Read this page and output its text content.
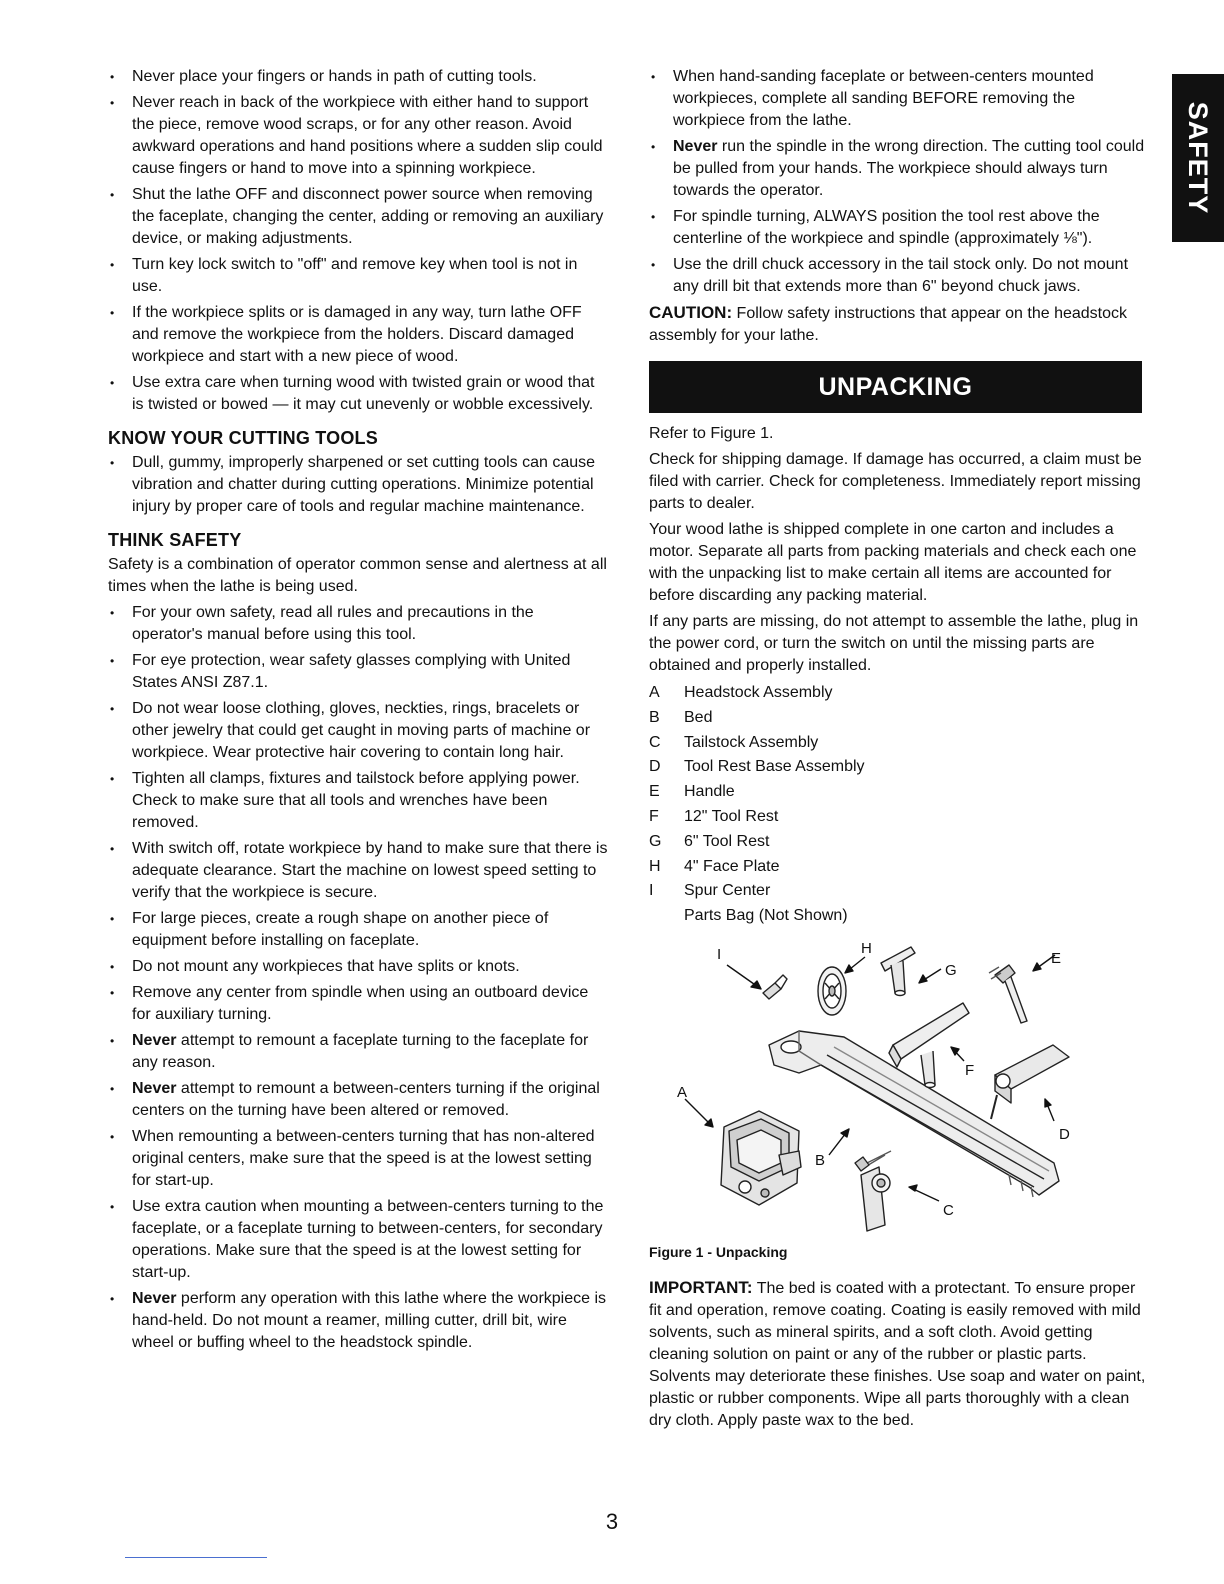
SAFETY
• Never place your fingers or hands in path of cutting tools.
• Never reach in back of the workpiece with either hand to support the piece, remove wood scraps, or for any other reason. Avoid awkward operations and hand positions where a sudden slip could cause fingers or hand to move into a spinning workpiece.
• Shut the lathe OFF and disconnect power source when removing the faceplate, changing the center, adding or removing an auxiliary device, or making adjustments.
• Turn key lock switch to "off" and remove key when tool is not in use.
• If the workpiece splits or is damaged in any way, turn lathe OFF and remove the workpiece from the holders. Discard damaged workpiece and start with a new piece of wood.
• Use extra care when turning wood with twisted grain or wood that is twisted or bowed — it may cut unevenly or wobble excessively.
KNOW YOUR CUTTING TOOLS
• Dull, gummy, improperly sharpened or set cutting tools can cause vibration and chatter during cutting operations. Minimize potential injury by proper care of tools and regular machine maintenance.
THINK SAFETY

Safety is a combination of operator common sense and alertness at all times when the lathe is being used.

• For your own safety, read all rules and precautions in the operator's manual before using this tool.
• For eye protection, wear safety glasses complying with United States ANSI Z87.1.
• Do not wear loose clothing, gloves, neckties, rings, bracelets or other jewelry that could get caught in moving parts of machine or workpiece. Wear protective hair covering to contain long hair.
• Tighten all clamps, fixtures and tailstock before applying power. Check to make sure that all tools and wrenches have been removed.
• With switch off, rotate workpiece by hand to make sure that there is adequate clearance. Start the machine on lowest speed setting to verify that the workpiece is secure.
• For large pieces, create a rough shape on another piece of equipment before installing on faceplate.
• Do not mount any workpieces that have splits or knots.
• Remove any center from spindle when using an outboard device for auxiliary turning.
• Never attempt to remount a faceplate turning to the faceplate for any reason.
• Never attempt to remount a between-centers turning if the original centers on the turning have been altered or removed.
• When remounting a between-centers turning that has non-altered original centers, make sure that the speed is at the lowest setting for start-up.
• Use extra caution when mounting a between-centers turning to the faceplate, or a faceplate turning to between-centers, for secondary operations. Make sure that the speed is at the lowest setting for start-up.
• Never perform any operation with this lathe where the workpiece is hand-held. Do not mount a reamer, milling cutter, drill bit, wire wheel or buffing wheel to the headstock spindle.
• When hand-sanding faceplate or between-centers mounted workpieces, complete all sanding BEFORE removing the workpiece from the lathe.
• Never run the spindle in the wrong direction. The cutting tool could be pulled from your hands. The workpiece should always turn towards the operator.
• For spindle turning, ALWAYS position the tool rest above the centerline of the workpiece and spindle (approximately ⅛").
• Use the drill chuck accessory in the tail stock only. Do not mount any drill bit that extends more than 6" beyond chuck jaws.

CAUTION: Follow safety instructions that appear on the headstock assembly for your lathe.

UNPACKING

Refer to Figure 1.

Check for shipping damage. If damage has occurred, a claim must be filed with carrier. Check for completeness. Immediately report missing parts to dealer.

Your wood lathe is shipped complete in one carton and includes a motor. Separate all parts from packing materials and check each one with the unpacking list to make certain all items are accounted for before discarding any packing material.

If any parts are missing, do not attempt to assemble the lathe, plug in the power cord, or turn the switch on until the missing parts are obtained and properly installed.

A	Headstock Assembly
B	Bed
C	Tailstock Assembly
D	Tool Rest Base Assembly
E	Handle
F	12" Tool Rest
G	6" Tool Rest
H	4" Face Plate
I	Spur Center
Parts Bag (Not Shown)
I	H
G
E
F
D
A
B
C
Figure 1 - Unpacking

IMPORTANT: The bed is coated with a protectant. To ensure proper fit and operation, remove coating. Coating is easily removed with mild solvents, such as mineral spirits, and a soft cloth. Avoid getting cleaning solution on paint or any of the rubber or plastic parts. Solvents may deteriorate these finishes. Use soap and water on paint, plastic or rubber components. Wipe all parts thoroughly with a clean dry cloth. Apply paste wax to the bed.

3
